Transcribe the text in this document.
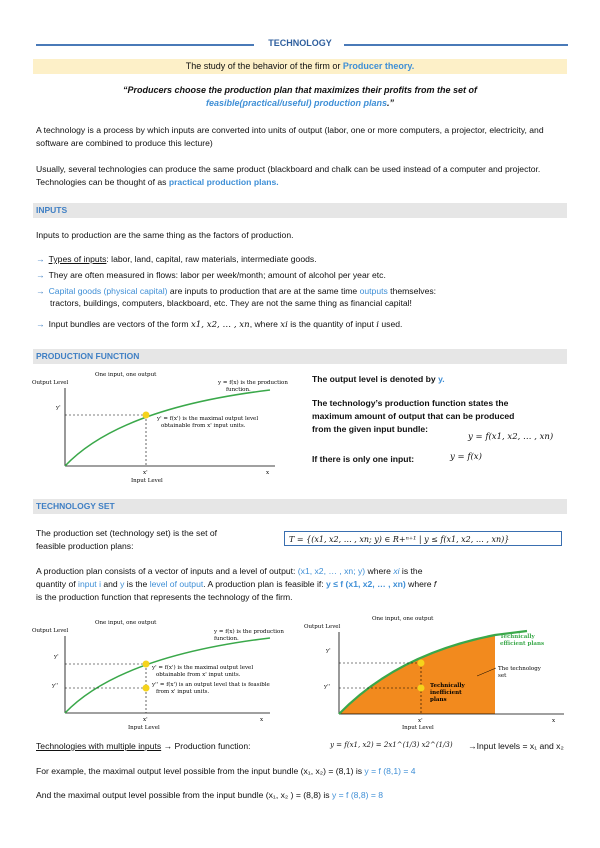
TECHNOLOGY
The study of the behavior of the firm or Producer theory.
“Producers choose the production plan that maximizes their profits from the set of
feasible(practical/useful) production plans.”
A technology is a process by which inputs are converted into units of output (labor, one or more computers, a projector, electricity, and software are combined to produce this lecture)
Usually, several technologies can produce the same product (blackboard and chalk can be used instead of a computer and projector. Technologies can be thought of as practical production plans.
INPUTS
Inputs to production are the same thing as the factors of production.
→ Types of inputs: labor, land, capital, raw materials, intermediate goods.
→ They are often measured in flows: labor per week/month; amount of alcohol per year etc.
→ Capital goods (physical capital) are inputs to production that are at the same time outputs themselves:
tractors, buildings, computers, blackboard, etc. They are not the same thing as financial capital!
→ Input bundles are vectors of the form x1, x2, … , xn, where xi is the quantity of input i used.
PRODUCTION FUNCTION
One input, one output
Output Level
y'
x'	x
Input Level
y = f(x) is the production
function.
y' = f(x') is the maximal output level
obtainable from x' input units.
The output level is denoted by y.
The technology’s production function states the
maximum amount of output that can be produced
from the given input bundle:
y = f(x1, x2, … , xn)
If there is only one input:	y = f(x)
TECHNOLOGY SET
The production set (technology set) is the set of
feasible production plans:
T = {(x1, x2, … , xn; y) ∈ R+ⁿ⁺¹ | y ≤ f(x1, x2, … , xn)}
A production plan consists of a vector of inputs and a level of output: (x1, x2, … , xn; y) where xi is the
quantity of input i and y is the level of output. A production plan is feasible if: y ≤ f (x1, x2, … , xn) where f
is the production function that represents the technology of the firm.
One input, one output
Output Level
y'
y''
x'	x
Input Level
y = f(x) is the production
function.
y' = f(x') is the maximal output level
obtainable from x' input units.
y'' = f(x') is an output level that is feasible
from x' input units.
One input, one output
Output Level
y'
y''
x'	x
Input Level
Technically
efficient plans
The technology
set
Technically
inefficient
plans
Technologies with multiple inputs → Production function:	y = f(x1, x2) = 2x1^(1/3) x2^(1/3) →Input levels = x₁ and x₂
For example, the maximal output level possible from the input bundle (x₁, x₂) = (8,1) is y = f (8,1) = 4
And the maximal output level possible from the input bundle (x₁, x₂ ) = (8,8) is y = f (8,8) = 8
